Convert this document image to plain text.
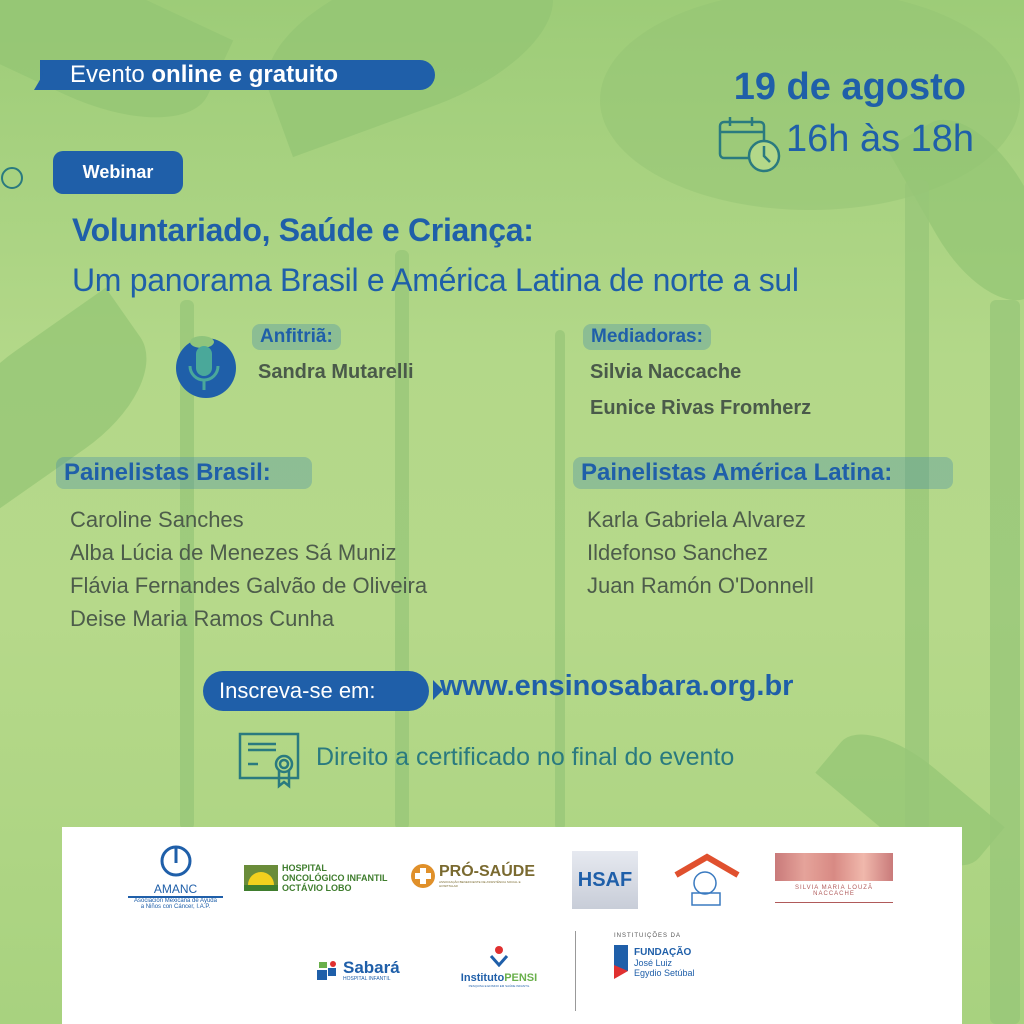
Evento online e gratuito	19 de agosto
16h às 18h
Webinar
Voluntariado, Saúde e Criança:
Um panorama Brasil e América Latina de norte a sul
Anfitriã:
Sandra Mutarelli
Mediadoras:
Silvia Naccache
Eunice Rivas Fromherz
Painelistas Brasil:
Caroline Sanches
Alba Lúcia de Menezes Sá Muniz
Flávia Fernandes Galvão de Oliveira
Deise Maria Ramos Cunha
Painelistas América Latina:
Karla Gabriela Alvarez
Ildefonso Sanchez
Juan Ramón O'Donnell
Inscreva-se em:	www.ensinosabara.org.br
Direito a certificado no final do evento
AMANC
Asociación Mexicana de Ayuda
a Niños con Cáncer, I.A.P.
HOSPITAL
ONCOLÓGICO INFANTIL
OCTÁVIO LOBO
PRÓ-SAÚDE
ASSOCIAÇÃO BENEFICENTE DE ASSISTÊNCIA SOCIAL E HOSPITALAR	HSAF	SILVIA MARIA LOUZÃ NACCACHE
Sabará
HOSPITAL INFANTIL	InstitutoPENSI
PESQUISA E ENSINO EM SAÚDE INFANTIL
INSTITUIÇÕES DA
FUNDAÇÃO
José Luiz
Egydio Setúbal
